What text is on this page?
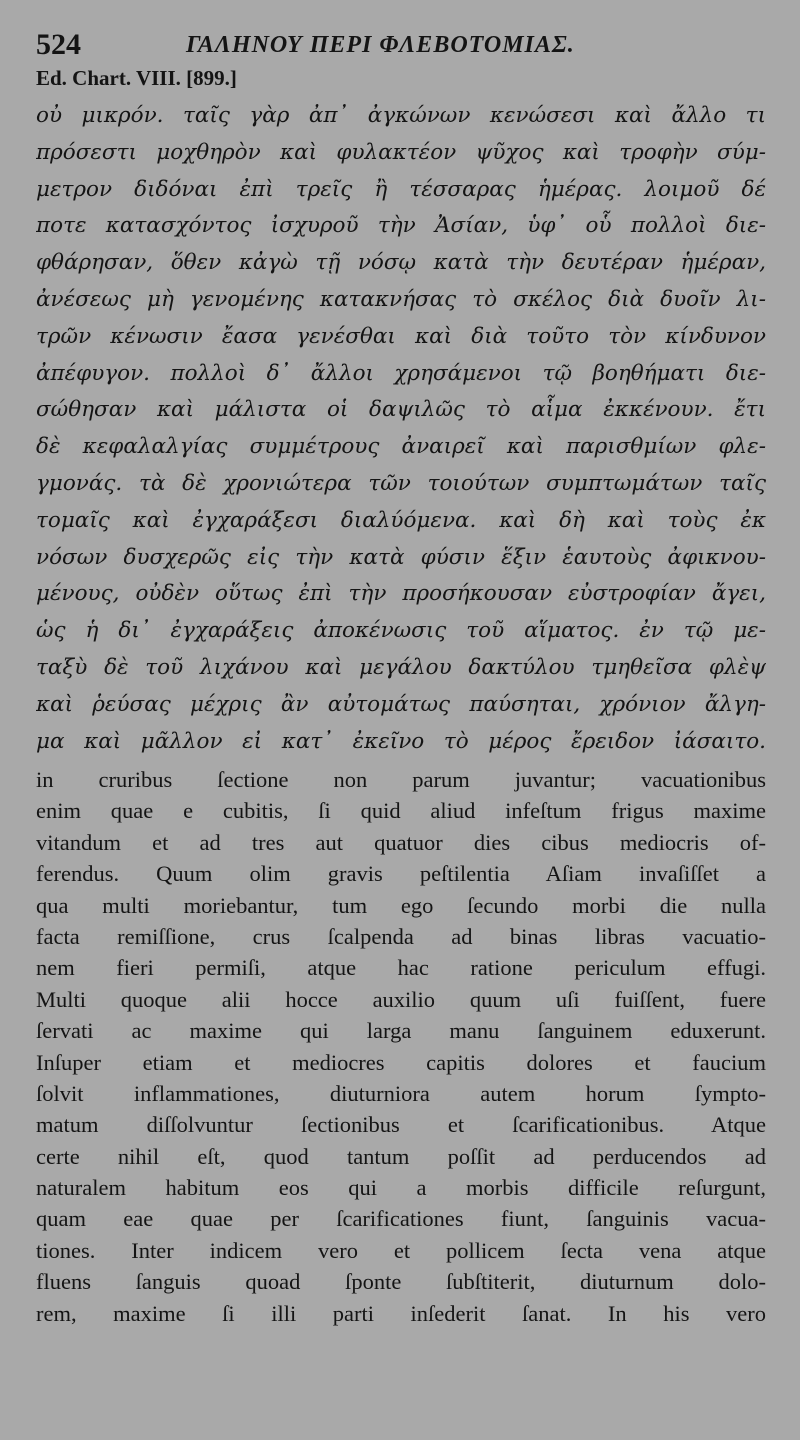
524	ΓΑΛΗΝΟΥ ΠΕΡΙ ΦΛΕΒΟΤΟΜΙΑΣ.
Ed. Chart. VIII. [899.]
οὐ μικρόν. ταῖς γὰρ ἀπ᾽ ἀγκώνων κενώσεσι καὶ ἄλλο τι
πρόσεστι μοχθηρὸν καὶ φυλακτέον ψῦχος καὶ τροφὴν σύμ-
μετρον διδόναι ἐπὶ τρεῖς ἢ τέσσαρας ἡμέρας. λοιμοῦ δέ
ποτε κατασχόντος ἰσχυροῦ τὴν Ἀσίαν, ὑφ᾽ οὗ πολλοὶ διε-
φθάρησαν, ὅθεν κἀγὼ τῇ νόσῳ κατὰ τὴν δευτέραν ἡμέραν,
ἀνέσεως μὴ γενομένης κατακνήσας τὸ σκέλος διὰ δυοῖν λι-
τρῶν κένωσιν ἔασα γενέσθαι καὶ διὰ τοῦτο τὸν κίνδυνον
ἀπέφυγον. πολλοὶ δ᾽ ἄλλοι χρησάμενοι τῷ βοηθήματι διε-
σώθησαν καὶ μάλιστα οἱ δαψιλῶς τὸ αἷμα ἐκκένουν. ἔτι
δὲ κεφαλαλγίας συμμέτρους ἀναιρεῖ καὶ παρισθμίων φλε-
γμονάς. τὰ δὲ χρονιώτερα τῶν τοιούτων συμπτωμάτων ταῖς
τομαῖς καὶ ἐγχαράξεσι διαλύόμενα. καὶ δὴ καὶ τοὺς ἐκ
νόσων δυσχερῶς εἰς τὴν κατὰ φύσιν ἕξιν ἑαυτοὺς ἀφικνου-
μένους, οὐδὲν οὕτως ἐπὶ τὴν προσήκουσαν εὐστροφίαν ἄγει,
ὡς ἡ δι᾽ ἐγχαράξεις ἀποκένωσις τοῦ αἵματος. ἐν τῷ με-
ταξὺ δὲ τοῦ λιχάνου καὶ μεγάλου δακτύλου τμηθεῖσα φλὲψ
καὶ ῥεύσας μέχρις ἂν αὐτομάτως παύσηται, χρόνιον ἄλγη-
μα καὶ μᾶλλον εἰ κατ᾽ ἐκεῖνο τὸ μέρος ἔρειδον ἰάσαιτο.
in cruribus ſectione non parum juvantur; vacuationibus
enim quae e cubitis, ſi quid aliud infeſtum frigus maxime
vitandum et ad tres aut quatuor dies cibus mediocris of-
ferendus. Quum olim gravis peſtilentia Aſiam invaſiſſet a
qua multi moriebantur, tum ego ſecundo morbi die nulla
facta remiſſione, crus ſcalpenda ad binas libras vacuatio-
nem fieri permiſi, atque hac ratione periculum effugi.
Multi quoque alii hocce auxilio quum uſi fuiſſent, fuere
ſervati ac maxime qui larga manu ſanguinem eduxerunt.
Inſuper etiam et mediocres capitis dolores et faucium
ſolvit inflammationes, diuturniora autem horum ſympto-
matum diſſolvuntur ſectionibus et ſcarificationibus. Atque
certe nihil eſt, quod tantum poſſit ad perducendos ad
naturalem habitum eos qui a morbis difficile reſurgunt,
quam eae quae per ſcarificationes fiunt, ſanguinis vacua-
tiones. Inter indicem vero et pollicem ſecta vena atque
fluens ſanguis quoad ſponte ſubſtiterit, diuturnum dolo-
rem, maxime ſi illi parti inſederit ſanat. In his vero
